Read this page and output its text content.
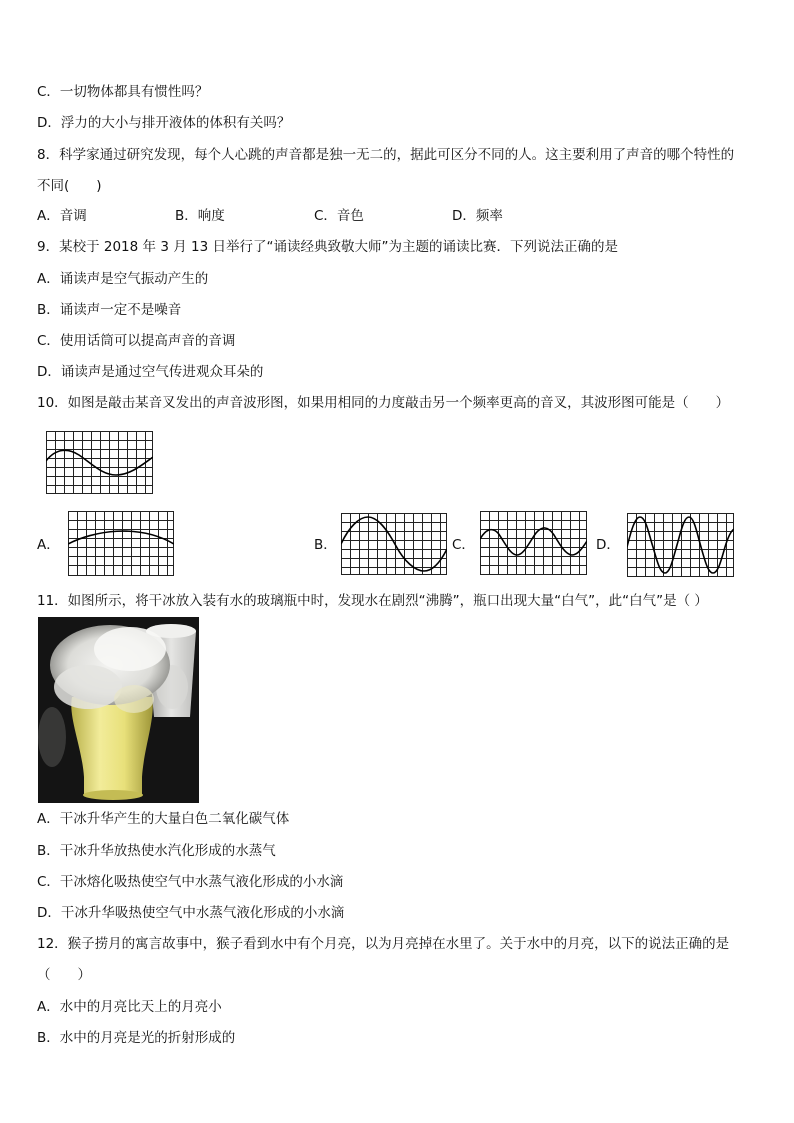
C．一切物体都具有惯性吗？
D．浮力的大小与排开液体的体积有关吗？
8．科学家通过研究发现，每个人心跳的声音都是独一无二的，据此可区分不同的人。这主要利用了声音的哪个特性的
不同(　　)
A．音调	B．响度	C．音色	D．频率
9．某校于 2018 年 3 月 13 日举行了“诵读经典致敬大师”为主题的诵读比赛．下列说法正确的是
A．诵读声是空气振动产生的
B．诵读声一定不是噪音
C．使用话筒可以提高声音的音调
D．诵读声是通过空气传进观众耳朵的
10．如图是敲击某音叉发出的声音波形图，如果用相同的力度敲击另一个频率更高的音叉，其波形图可能是（　　）
A．	B．	C．	D．
11．如图所示，将干冰放入装有水的玻璃瓶中时，发现水在剧烈“沸腾”，瓶口出现大量“白气”，此“白气”是（ ）
A．干冰升华产生的大量白色二氧化碳气体
B．干冰升华放热使水汽化形成的水蒸气
C．干冰熔化吸热使空气中水蒸气液化形成的小水滴
D．干冰升华吸热使空气中水蒸气液化形成的小水滴
12．猴子捞月的寓言故事中，猴子看到水中有个月亮，以为月亮掉在水里了。关于水中的月亮，以下的说法正确的是
（　　）
A．水中的月亮比天上的月亮小
B．水中的月亮是光的折射形成的
